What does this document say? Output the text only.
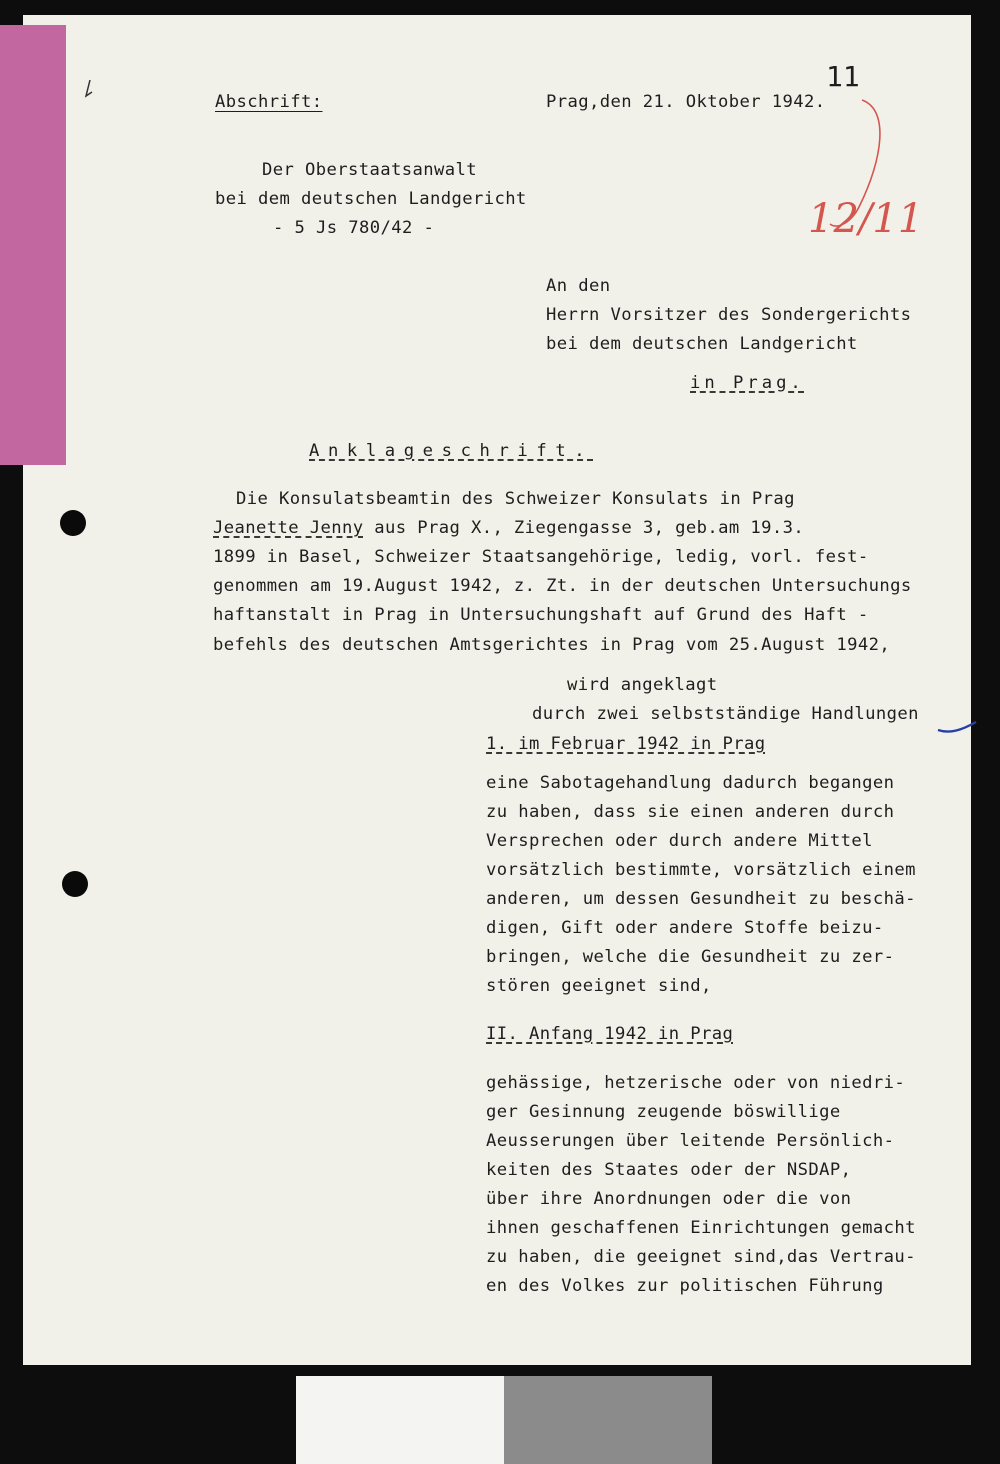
12/11
Abschrift:	Prag,den 21. Oktober 1942.
11
Der Oberstaatsanwalt
bei dem deutschen Landgericht
- 5 Js 780/42 -
An den
Herrn Vorsitzer des Sondergerichts
bei dem deutschen Landgericht
in Prag.
Anklageschrift.
Die Konsulatsbeamtin des Schweizer Konsulats in Prag
Jeanette Jenny aus Prag X., Ziegengasse 3, geb.am 19.3.
1899 in Basel, Schweizer Staatsangehörige, ledig, vorl. fest-
genommen am 19.August 1942, z. Zt. in der deutschen Untersuchungs
haftanstalt in Prag in Untersuchungshaft auf Grund des Haft -
befehls des deutschen Amtsgerichtes in Prag vom 25.August 1942,
wird angeklagt
durch zwei selbstständige Handlungen
1. im Februar 1942 in Prag
eine Sabotagehandlung dadurch begangen
zu haben, dass sie einen anderen durch
Versprechen oder durch andere Mittel
vorsätzlich bestimmte, vorsätzlich einem
anderen, um dessen Gesundheit zu beschä-
digen, Gift oder andere Stoffe beizu-
bringen, welche die Gesundheit zu zer-
stören geeignet sind,
II. Anfang 1942 in Prag
gehässige, hetzerische oder von niedri-
ger Gesinnung zeugende böswillige
Aeusserungen über leitende Persönlich-
keiten des Staates oder der NSDAP,
über ihre Anordnungen oder die von
ihnen geschaffenen Einrichtungen gemacht
zu haben, die geeignet sind,das Vertrau-
en des Volkes zur politischen Führung
